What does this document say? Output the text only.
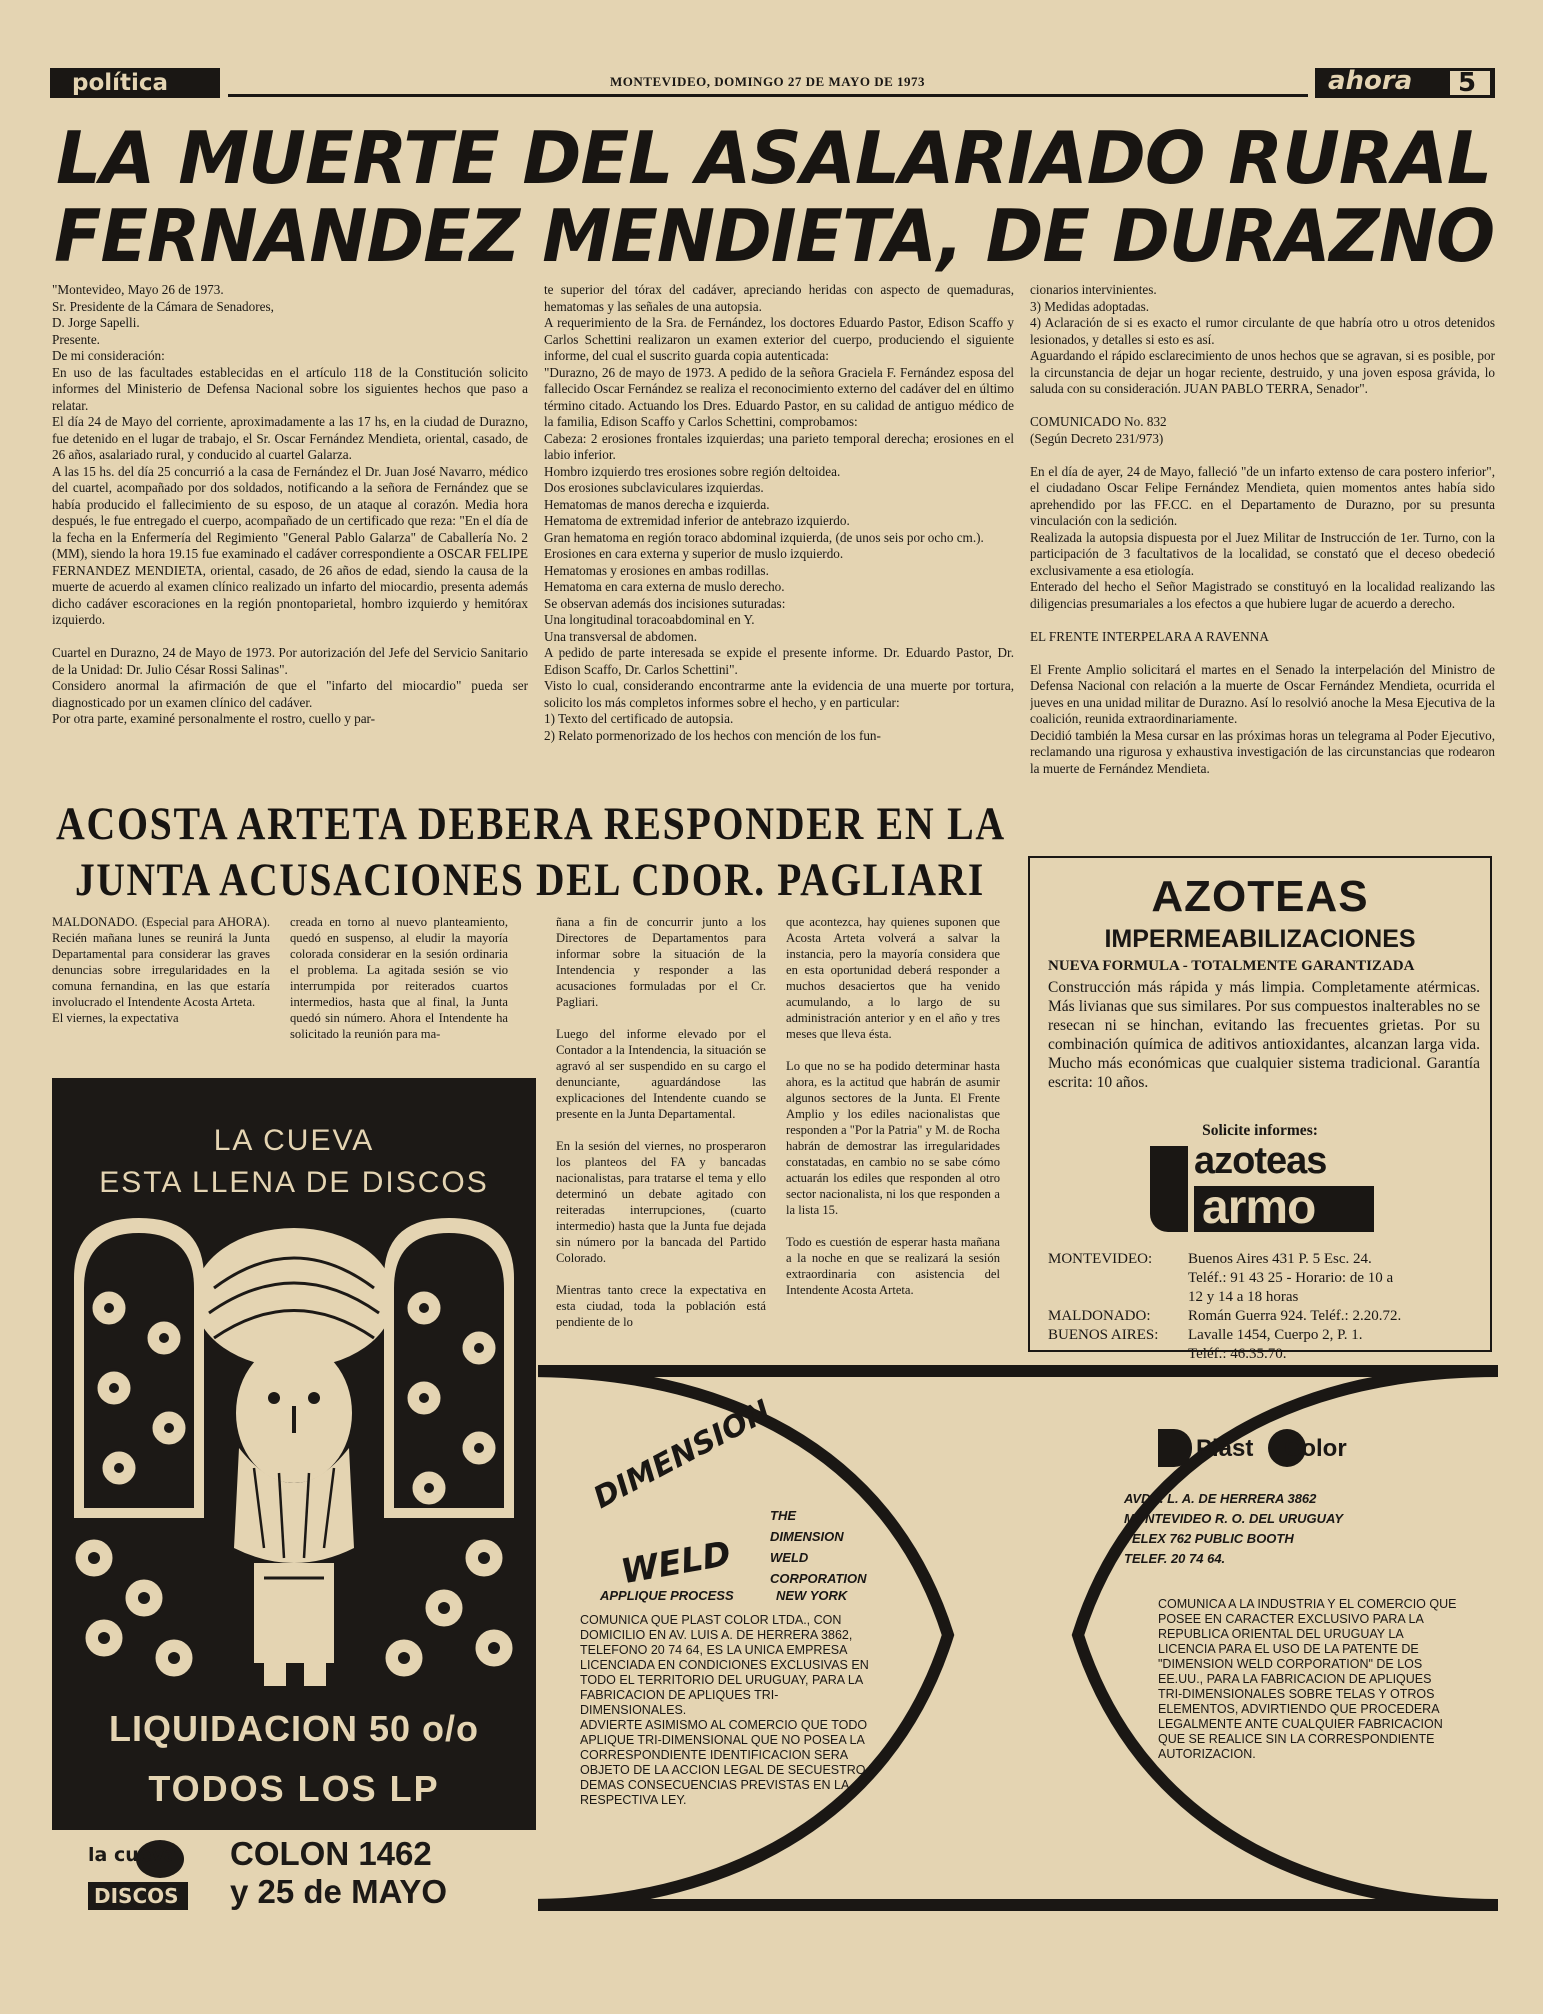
política	MONTEVIDEO, DOMINGO 27 DE MAYO DE 1973	ahora 5
LA MUERTE DEL ASALARIADO RURAL
FERNANDEZ MENDIETA, DE DURAZNO
"Montevideo, Mayo 26 de 1973.
Sr. Presidente de la Cámara de Senadores,
D. Jorge Sapelli.
Presente.
De mi consideración:
En uso de las facultades establecidas en el artículo 118 de la Constitución solicito informes del Ministerio de Defensa Nacional sobre los siguientes hechos que paso a relatar.
El día 24 de Mayo del corriente, aproximadamente a las 17 hs, en la ciudad de Durazno, fue detenido en el lugar de trabajo, el Sr. Oscar Fernández Mendieta, oriental, casado, de 26 años, asalariado rural, y conducido al cuartel Galarza.
A las 15 hs. del día 25 concurrió a la casa de Fernández el Dr. Juan José Navarro, médico del cuartel, acompañado por dos soldados, notificando a la señora de Fernández que se había producido el fallecimiento de su esposo, de un ataque al corazón. Media hora después, le fue entregado el cuerpo, acompañado de un certificado que reza: "En el día de la fecha en la Enfermería del Regimiento "General Pablo Galarza" de Caballería No. 2 (MM), siendo la hora 19.15 fue examinado el cadáver correspondiente a OSCAR FELIPE FERNANDEZ MENDIETA, oriental, casado, de 26 años de edad, siendo la causa de la muerte de acuerdo al examen clínico realizado un infarto del miocardio, presenta además dicho cadáver escoraciones en la región pnontoparietal, hombro izquierdo y hemitórax izquierdo.

Cuartel en Durazno, 24 de Mayo de 1973. Por autorización del Jefe del Servicio Sanitario de la Unidad: Dr. Julio César Rossi Salinas".
Considero anormal la afirmación de que el "infarto del miocardio" pueda ser diagnosticado por un examen clínico del cadáver.
Por otra parte, examiné personalmente el rostro, cuello y par-
te superior del tórax del cadáver, apreciando heridas con aspecto de quemaduras, hematomas y las señales de una autopsia.
A requerimiento de la Sra. de Fernández, los doctores Eduardo Pastor, Edison Scaffo y Carlos Schettini realizaron un examen exterior del cuerpo, produciendo el siguiente informe, del cual el suscrito guarda copia autenticada:
"Durazno, 26 de mayo de 1973. A pedido de la señora Graciela F. Fernández esposa del fallecido Oscar Fernández se realiza el reconocimiento externo del cadáver del en último término citado. Actuando los Dres. Eduardo Pastor, en su calidad de antiguo médico de la familia, Edison Scaffo y Carlos Schettini, comprobamos:
Cabeza: 2 erosiones frontales izquierdas; una parieto temporal derecha; erosiones en el labio inferior.
Hombro izquierdo tres erosiones sobre región deltoidea.
Dos erosiones subclaviculares izquierdas.
Hematomas de manos derecha e izquierda.
Hematoma de extremidad inferior de antebrazo izquierdo.
Gran hematoma en región toraco abdominal izquierda, (de unos seis por ocho cm.).
Erosiones en cara externa y superior de muslo izquierdo.
Hematomas y erosiones en ambas rodillas.
Hematoma en cara externa de muslo derecho.
Se observan además dos incisiones suturadas:
Una longitudinal toracoabdominal en Y.
Una transversal de abdomen.
A pedido de parte interesada se expide el presente informe. Dr. Eduardo Pastor, Dr. Edison Scaffo, Dr. Carlos Schettini".
Visto lo cual, considerando encontrarme ante la evidencia de una muerte por tortura, solicito los más completos informes sobre el hecho, y en particular:
1) Texto del certificado de autopsia.
2) Relato pormenorizado de los hechos con mención de los fun-
cionarios intervinientes.
3) Medidas adoptadas.
4) Aclaración de si es exacto el rumor circulante de que habría otro u otros detenidos lesionados, y detalles si esto es así.
Aguardando el rápido esclarecimiento de unos hechos que se agravan, si es posible, por la circunstancia de dejar un hogar reciente, destruido, y una joven esposa grávida, lo saluda con su consideración. JUAN PABLO TERRA, Senador".

COMUNICADO No. 832
(Según Decreto 231/973)

En el día de ayer, 24 de Mayo, falleció "de un infarto extenso de cara postero inferior", el ciudadano Oscar Felipe Fernández Mendieta, quien momentos antes había sido aprehendido por las FF.CC. en el Departamento de Durazno, por su presunta vinculación con la sedición.
Realizada la autopsia dispuesta por el Juez Militar de Instrucción de 1er. Turno, con la participación de 3 facultativos de la localidad, se constató que el deceso obedeció exclusivamente a esa etiología.
Enterado del hecho el Señor Magistrado se constituyó en la localidad realizando las diligencias presumariales a los efectos a que hubiere lugar de acuerdo a derecho.

EL FRENTE INTERPELARA A RAVENNA

El Frente Amplio solicitará el martes en el Senado la interpelación del Ministro de Defensa Nacional con relación a la muerte de Oscar Fernández Mendieta, ocurrida el jueves en una unidad militar de Durazno. Así lo resolvió anoche la Mesa Ejecutiva de la coalición, reunida extraordinariamente.
Decidió también la Mesa cursar en las próximas horas un telegrama al Poder Ejecutivo, reclamando una rigurosa y exhaustiva investigación de las circunstancias que rodearon la muerte de Fernández Mendieta.
ACOSTA ARTETA DEBERA RESPONDER EN LA
JUNTA ACUSACIONES DEL CDOR. PAGLIARI
MALDONADO. (Especial para AHORA). Recién mañana lunes se reunirá la Junta Departamental para considerar las graves denuncias sobre irregularidades en la comuna fernandina, en las que estaría involucrado el Intendente Acosta Arteta.
El viernes, la expectativa
creada en torno al nuevo planteamiento, quedó en suspenso, al eludir la mayoría colorada considerar en la sesión ordinaria el problema. La agitada sesión se vio interrumpida por reiterados cuartos intermedios, hasta que al final, la Junta quedó sin número. Ahora el Intendente ha solicitado la reunión para ma-
ñana a fin de concurrir junto a los Directores de Departamentos para informar sobre la situación de la Intendencia y responder a las acusaciones formuladas por el Cr. Pagliari.

Luego del informe elevado por el Contador a la Intendencia, la situación se agravó al ser suspendido en su cargo el denunciante, aguardándose las explicaciones del Intendente cuando se presente en la Junta Departamental.

En la sesión del viernes, no prosperaron los planteos del FA y bancadas nacionalistas, para tratarse el tema y ello determinó un debate agitado con reiteradas interrupciones, (cuarto intermedio) hasta que la Junta fue dejada sin número por la bancada del Partido Colorado.

Mientras tanto crece la expectativa en esta ciudad, toda la población está pendiente de lo
que acontezca, hay quienes suponen que Acosta Arteta volverá a salvar la instancia, pero la mayoría considera que en esta oportunidad deberá responder a muchos desaciertos que ha venido acumulando, a lo largo de su administración anterior y en el año y tres meses que lleva ésta.

Lo que no se ha podido determinar hasta ahora, es la actitud que habrán de asumir algunos sectores de la Junta. El Frente Amplio y los ediles nacionalistas que responden a "Por la Patria" y M. de Rocha habrán de demostrar las irregularidades constatadas, en cambio no se sabe cómo actuarán los ediles que responden al otro sector nacionalista, ni los que responden a la lista 15.

Todo es cuestión de esperar hasta mañana a la noche en que se realizará la sesión extraordinaria con asistencia del Intendente Acosta Arteta.
AZOTEAS
IMPERMEABILIZACIONES
NUEVA FORMULA - TOTALMENTE GARANTIZADA
Construcción más rápida y más limpia. Completamente atérmicas. Más livianas que sus similares. Por sus compuestos inalterables no se resecan ni se hinchan, evitando las frecuentes grietas. Por su combinación química de aditivos antioxidantes, alcanzan larga vida. Mucho más económicas que cualquier sistema tradicional. Garantía escrita: 10 años.
Solicite informes:
azoteas
armo
MONTEVIDEO: Buenos Aires 431 P. 5 Esc. 24.
Teléf.: 91 43 25 - Horario: de 10 a
12 y 14 a 18 horas
MALDONADO:	Román Guerra 924. Teléf.: 2.20.72.
BUENOS AIRES: Lavalle 1454, Cuerpo 2, P. 1.
Teléf.: 46.35.70.
LA CUEVA
ESTA LLENA DE DISCOS
LIQUIDACION 50 o/o
TODOS LOS LP
la cueva
DISCOS
COLON 1462
y 25 de MAYO
DIMENSION
WELD
THE
DIMENSION
WELD
CORPORATION
APPLIQUE PROCESS	NEW YORK
COMUNICA QUE PLAST COLOR LTDA., CON DOMICILIO EN AV. LUIS A. DE HERRERA 3862, TELEFONO 20 74 64, ES LA UNICA EMPRESA LICENCIADA EN CONDICIONES EXCLUSIVAS EN TODO EL TERRITORIO DEL URUGUAY, PARA LA FABRICACION DE APLIQUES TRI-DIMENSIONALES.
ADVIERTE ASIMISMO AL COMERCIO QUE TODO APLIQUE TRI-DIMENSIONAL QUE NO POSEA LA CORRESPONDIENTE IDENTIFICACION SERA OBJETO DE LA ACCION LEGAL DE SECUESTRO Y DEMAS CONSECUENCIAS PREVISTAS EN LA RESPECTIVA LEY.
Plast Color
AVDA. L. A. DE HERRERA 3862
MONTEVIDEO R. O. DEL URUGUAY
TELEX 762 PUBLIC BOOTH
TELEF. 20 74 64.
COMUNICA A LA INDUSTRIA Y EL COMERCIO QUE POSEE EN CARACTER EXCLUSIVO PARA LA REPUBLICA ORIENTAL DEL URUGUAY LA LICENCIA PARA EL USO DE LA PATENTE DE "DIMENSION WELD CORPORATION" DE LOS EE.UU., PARA LA FABRICACION DE APLIQUES TRI-DIMENSIONALES SOBRE TELAS Y OTROS ELEMENTOS, ADVIRTIENDO QUE PROCEDERA LEGALMENTE ANTE CUALQUIER FABRICACION QUE SE REALICE SIN LA CORRESPONDIENTE AUTORIZACION.
